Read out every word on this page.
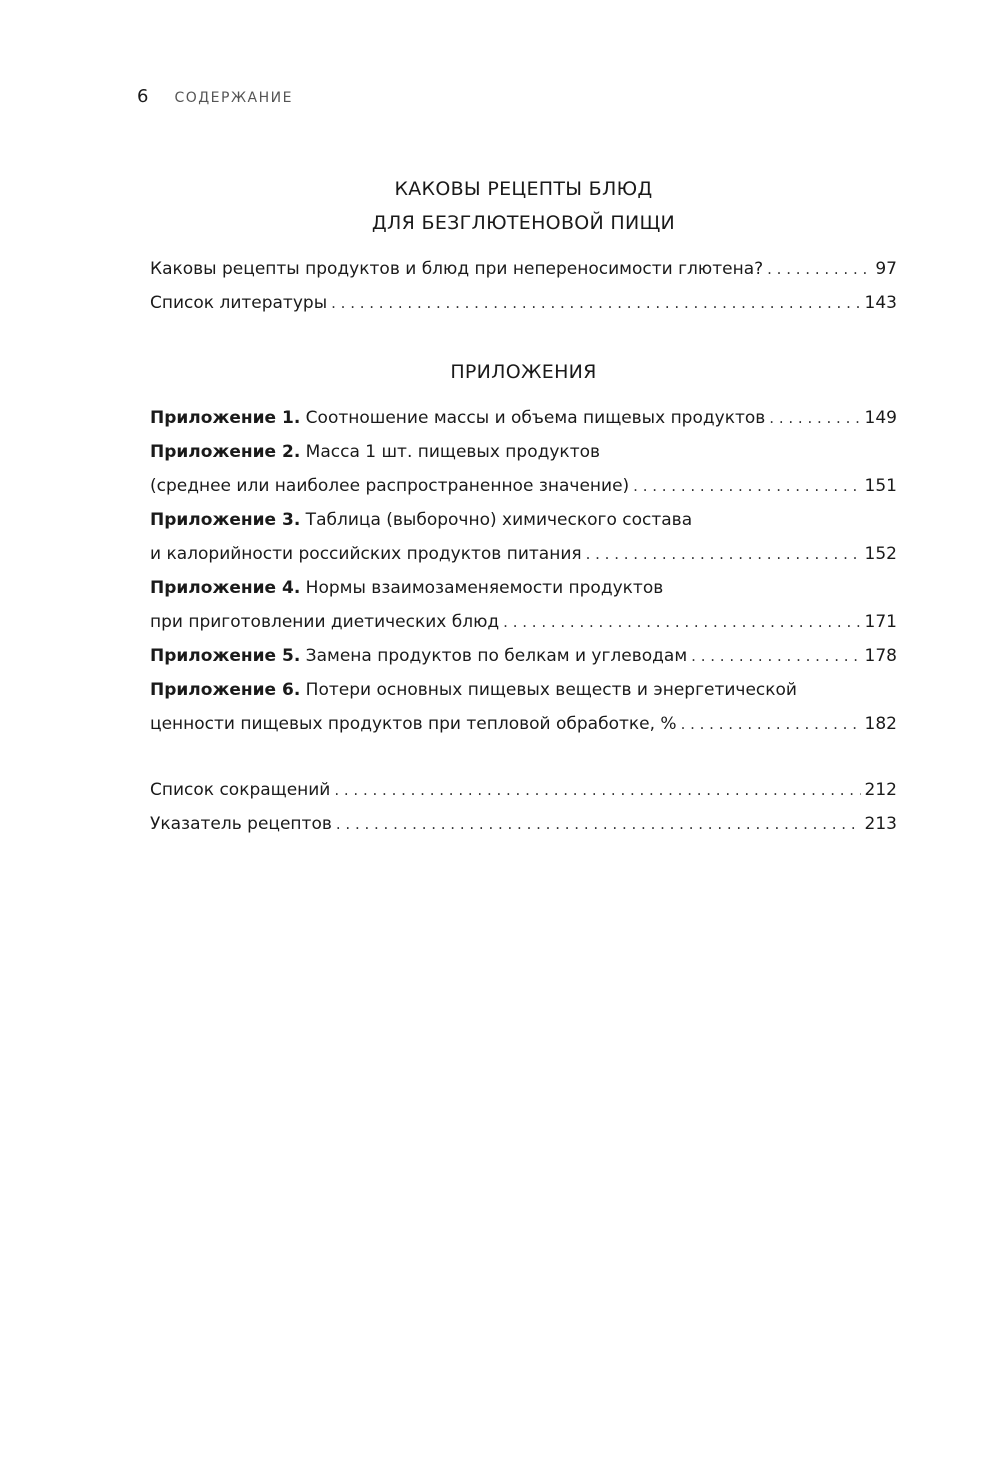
6 СОДЕРЖАНИЕ
КАКОВЫ РЕЦЕПТЫ БЛЮД
ДЛЯ БЕЗГЛЮТЕНОВОЙ ПИЩИ
Каковы рецепты продуктов и блюд при непереносимости глютена? . . .	97
Список литературы . . .	143
ПРИЛОЖЕНИЯ
Приложение 1. Соотношение массы и объема пищевых продуктов . . .	149
Приложение 2. Масса 1 шт. пищевых продуктов
(среднее или наиболее распространенное значение) . . .	151
Приложение 3. Таблица (выборочно) химического состава
и калорийности российских продуктов питания . . .	152
Приложение 4. Нормы взаимозаменяемости продуктов
при приготовлении диетических блюд . . .	171
Приложение 5. Замена продуктов по белкам и углеводам . . .	178
Приложение 6. Потери основных пищевых веществ и энергетической
ценности пищевых продуктов при тепловой обработке, % . . .	182
Список сокращений . . .	212
Указатель рецептов . . .	213
